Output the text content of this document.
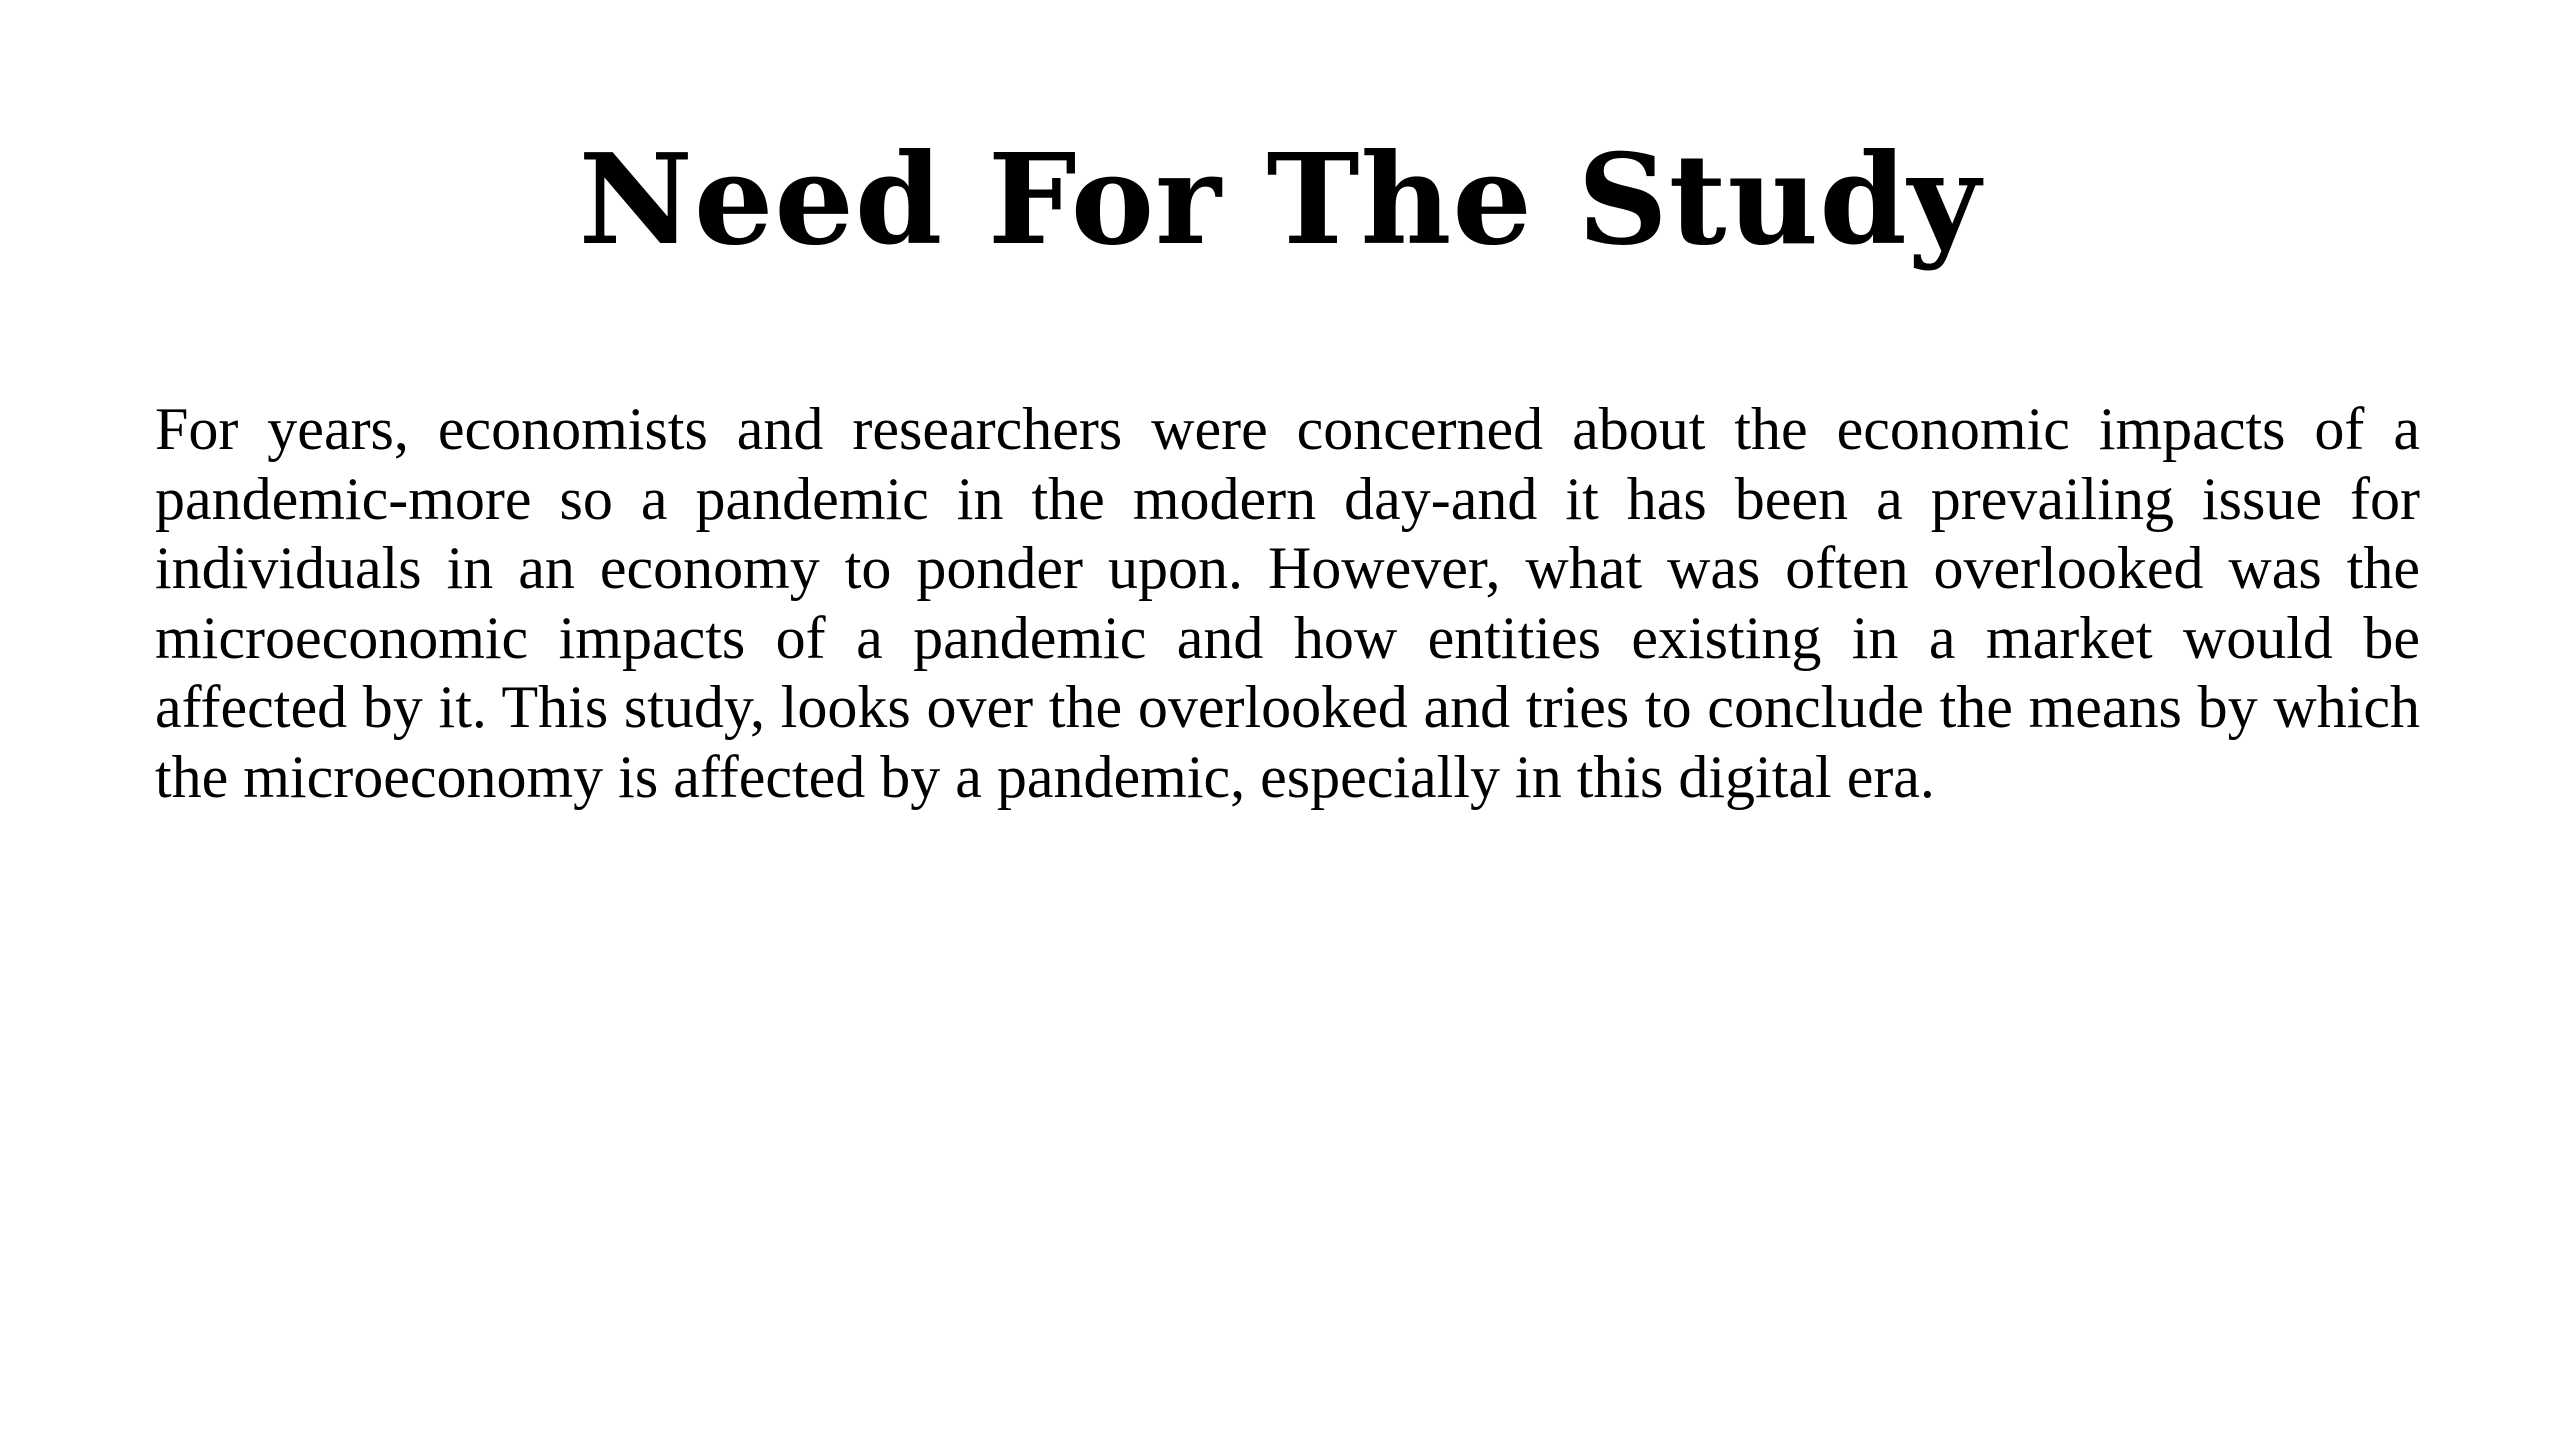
Need For The Study

For years, economists and researchers were concerned about the economic impacts of a pandemic-more so a pandemic in the modern day-and it has been a prevailing issue for individuals in an economy to ponder upon. However, what was often overlooked was the microeconomic impacts of a pandemic and how entities existing in a market would be affected by it. This study, looks over the overlooked and tries to conclude the means by which the microeconomy is affected by a pandemic, especially in this digital era.
